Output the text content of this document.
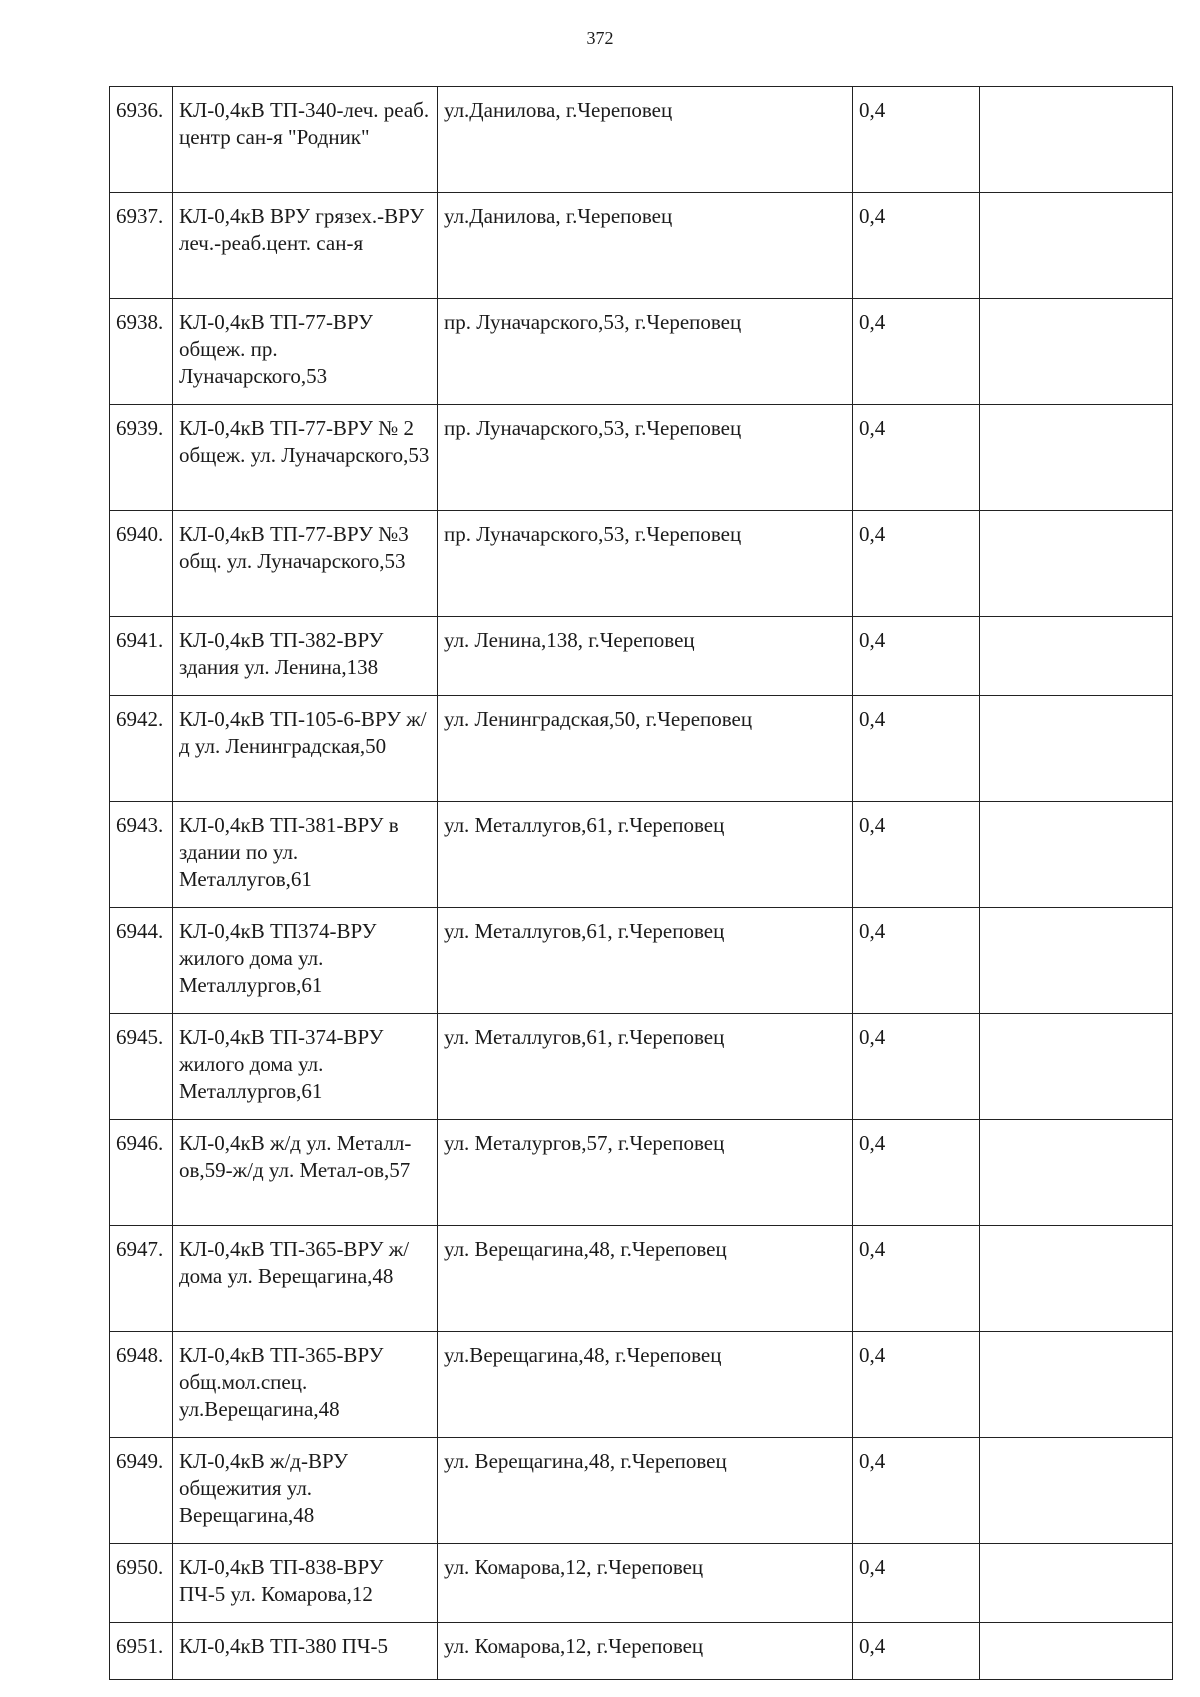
372
6936.	КЛ-0,4кВ ТП-340-леч. реаб. центр сан-я "Родник"	ул.Данилова, г.Череповец	0,4	
6937.	КЛ-0,4кВ ВРУ грязех.-ВРУ леч.-реаб.цент. сан-я	ул.Данилова, г.Череповец	0,4	
6938.	КЛ-0,4кВ ТП-77-ВРУ общеж. пр. Луначарского,53	пр. Луначарского,53, г.Череповец	0,4	
6939.	КЛ-0,4кВ ТП-77-ВРУ № 2 общеж. ул. Луначарского,53	пр. Луначарского,53, г.Череповец	0,4	
6940.	КЛ-0,4кВ ТП-77-ВРУ №3 общ. ул. Луначарского,53	пр. Луначарского,53, г.Череповец	0,4	
6941.	КЛ-0,4кВ ТП-382-ВРУ здания ул. Ленина,138	ул. Ленина,138, г.Череповец	0,4	
6942.	КЛ-0,4кВ ТП-105-6-ВРУ ж/д ул. Ленинградская,50	ул. Ленинградская,50, г.Череповец	0,4	
6943.	КЛ-0,4кВ ТП-381-ВРУ в здании по ул. Металлугов,61	ул. Металлугов,61, г.Череповец	0,4	
6944.	КЛ-0,4кВ ТП374-ВРУ жилого дома ул. Металлургов,61	ул. Металлугов,61, г.Череповец	0,4	
6945.	КЛ-0,4кВ ТП-374-ВРУ жилого дома ул. Металлургов,61	ул. Металлугов,61, г.Череповец	0,4	
6946.	КЛ-0,4кВ ж/д ул. Металл-ов,59-ж/д ул. Метал-ов,57	ул. Металургов,57, г.Череповец	0,4	
6947.	КЛ-0,4кВ ТП-365-ВРУ ж/дома ул. Верещагина,48	ул. Верещагина,48, г.Череповец	0,4	
6948.	КЛ-0,4кВ ТП-365-ВРУ общ.мол.спец. ул.Верещагина,48	ул.Верещагина,48, г.Череповец	0,4	
6949.	КЛ-0,4кВ ж/д-ВРУ общежития ул. Верещагина,48	ул. Верещагина,48, г.Череповец	0,4	
6950.	КЛ-0,4кВ ТП-838-ВРУ ПЧ-5 ул. Комарова,12	ул. Комарова,12, г.Череповец	0,4	
6951.	КЛ-0,4кВ ТП-380 ПЧ-5	ул. Комарова,12, г.Череповец	0,4	
